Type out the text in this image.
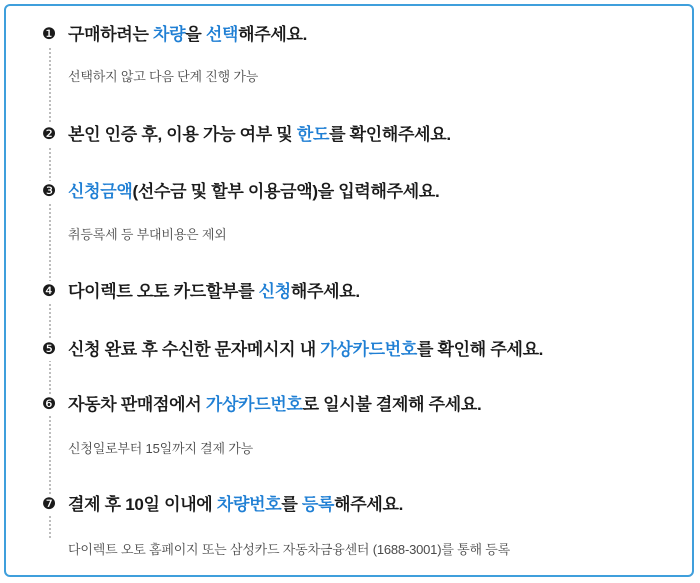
❶ 구매하려는 차량을 선택해주세요.
선택하지 않고 다음 단계 진행 가능
❷ 본인 인증 후, 이용 가능 여부 및 한도를 확인해주세요.
❸ 신청금액(선수금 및 할부 이용금액)을 입력해주세요.
취등록세 등 부대비용은 제외
❹ 다이렉트 오토 카드할부를 신청해주세요.
❺ 신청 완료 후 수신한 문자메시지 내 가상카드번호를 확인해 주세요.
❻ 자동차 판매점에서 가상카드번호로 일시불 결제해 주세요.
신청일로부터 15일까지 결제 가능
❼ 결제 후 10일 이내에 차량번호를 등록해주세요.
다이렉트 오토 홈페이지 또는 삼성카드 자동차금융센터 (1688-3001)를 통해 등록
